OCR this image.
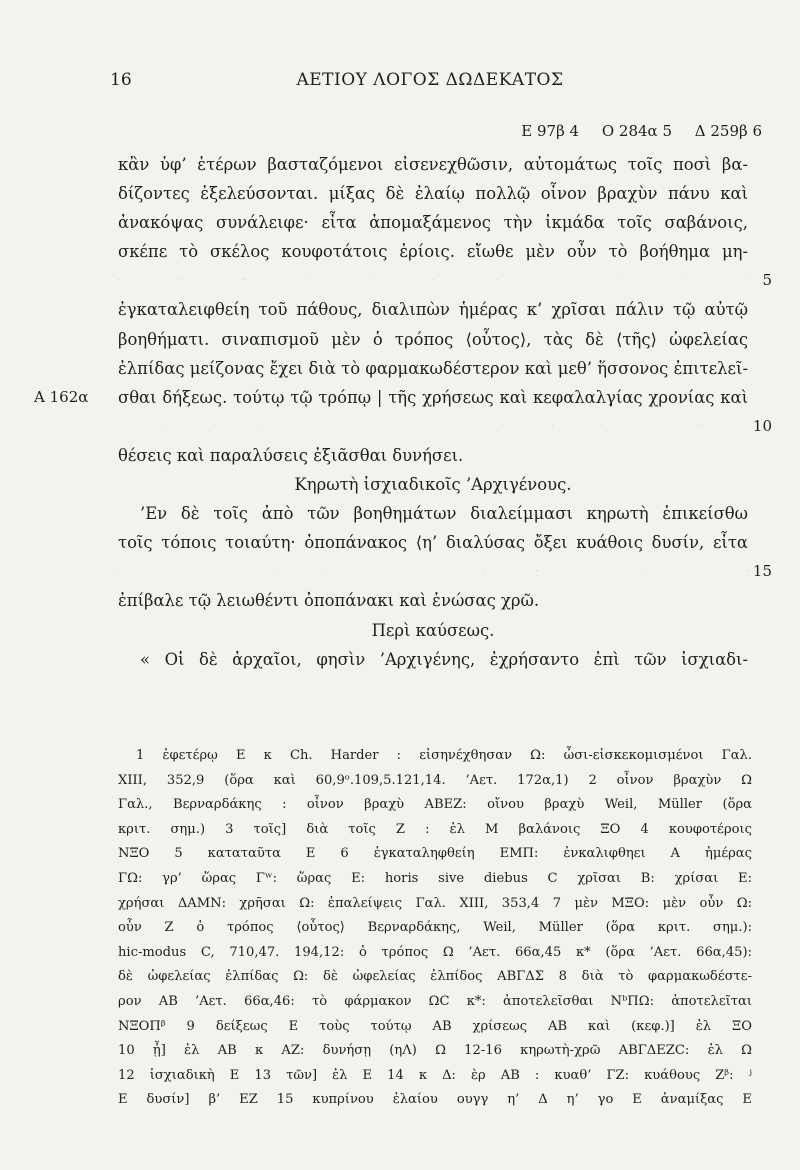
16	ΑΕΤΙΟΥ ΛΟΓΟΣ ΔΩΔΕΚΑΤΟΣ
E 97β 4 O 284α 5 Δ 259β 6
κἂν ὑφ’ ἑτέρων βασταζόμενοι εἰσενεχθῶσιν, αὐτομάτως τοῖς ποσὶ βα-
δίζοντες ἐξελεύσονται. μίξας δὲ ἐλαίῳ πολλῷ οἶνον βραχὺν πάνυ καὶ
ἀνακόψας συνάλειφε· εἶτα ἀπομαξάμενος τὴν ἰκμάδα τοῖς σαβάνοις,
σκέπε τὸ σκέλος κουφοτάτοις ἐρίοις. εἴωθε μὲν οὖν τὸ βοήθημα μη-
5
ἐγκαταλειφθείη τοῦ πάθους, διαλιπὼν ἡμέρας κ’ χρῖσαι πάλιν τῷ αὐτῷ
βοηθήματι. σιναπισμοῦ μὲν ὁ τρόπος ⟨οὗτος⟩, τὰς δὲ ⟨τῆς⟩ ὠφελείας
ἐλπίδας μείζονας ἔχει διὰ τὸ φαρμακωδέστερον καὶ μεθ’ ἥσσονος ἐπιτελεῖ-
σθαι δήξεως. τούτῳ τῷ τρόπῳ | τῆς χρήσεως καὶ κεφαλαλγίας χρονίας καὶ
A 162α
10
θέσεις καὶ παραλύσεις ἐξιᾶσθαι δυνήσει.
Κηρωτὴ ἰσχιαδικοῖς ’Αρχιγένους.
’Εν δὲ τοῖς ἀπὸ τῶν βοηθημάτων διαλείμμασι κηρωτὴ ἐπικείσθω
τοῖς τόποις τοιαύτη· ὀποπάνακος ⟨η’ διαλύσας ὄξει κυάθοις δυσίν, εἶτα
15
ἐπίβαλε τῷ λειωθέντι ὀποπάνακι καὶ ἑνώσας χρῶ.
Περὶ καύσεως.
« Οἱ δὲ ἀρχαῖοι, φησὶν ’Αρχιγένης, ἐχρήσαντο ἐπὶ τῶν ἰσχιαδι-
1 ἐφετέρῳ E κ Ch. Harder : εἰσηνέχθησαν Ω: ὦσι-εἰσκεκομισμένοι Γαλ.
XIII, 352,9 (ὅρα καὶ 60,9ᵒ.109,5.121,14. ’Αετ. 172α,1) 2 οἶνον βραχὺν Ω
Γαλ., Βερναρδάκης : οἶνον βραχὺ ABEZ: οἴνου βραχὺ Weil, Müller (ὅρα
κριτ. σημ.) 3 τοῖς] διὰ τοῖς Z : ἐλ M βαλάνοις ΞΟ 4 κουφοτέροις
ΝΞΟ 5 καταταῦτα E 6 ἐγκαταληφθείη ΕΜΠ: ἐνκαλιφθηει A ἡμέρας
ΓΩ: γρ’ ὥρας Γʷ: ὥρας E: horis sive diebus C χρῖσαι B: χρίσαι E:
χρήσαι ΔΑΜΝ: χρῆσαι Ω: ἐπαλείψεις Γαλ. XIII, 353,4 7 μὲν ΜΞΟ: μὲν οὖν Ω:
οὖν Z ὁ τρόπος ⟨οὗτος⟩ Βερναρδάκης, Weil, Müller (ὅρα κριτ. σημ.):
hic-modus C, 710,47. 194,12: ὁ τρόπος Ω ’Αετ. 66α,45 κ* (ὅρα ’Αετ. 66α,45):
δὲ ὠφελείας ἐλπίδας Ω: δὲ ὠφελείας ἐλπίδος ΑΒΓΔΣ 8 διὰ τὸ φαρμακωδέστε-
ρον AB ’Αετ. 66α,46: τὸ φάρμακον ΩC κ*: ἀποτελεῖσθαι ΝᵇΠΩ: ἀποτελεῖται
ΝΞΟΠᵝ 9 δείξεως E τοὺς τούτῳ AB χρίσεως AB καὶ (κεφ.)] ἐλ ΞΟ
10 ᾖ] ἐλ AB κ AZ: δυνήσῃ (ηΛ) Ω 12-16 κηρωτὴ-χρῶ ΑΒΓΔΕΖC: ἐλ Ω
12 ἰσχιαδικὴ E 13 τῶν] ἐλ E 14 κ Δ: ὲρ AB : κυαθ’ ΓΖ: κυάθους Zᵝ: ʲ
E δυσίν] β’ EZ 15 κυπρίνου ἐλαίου ουγγ η’ Δ η’ γο E ἀναμίξας E
